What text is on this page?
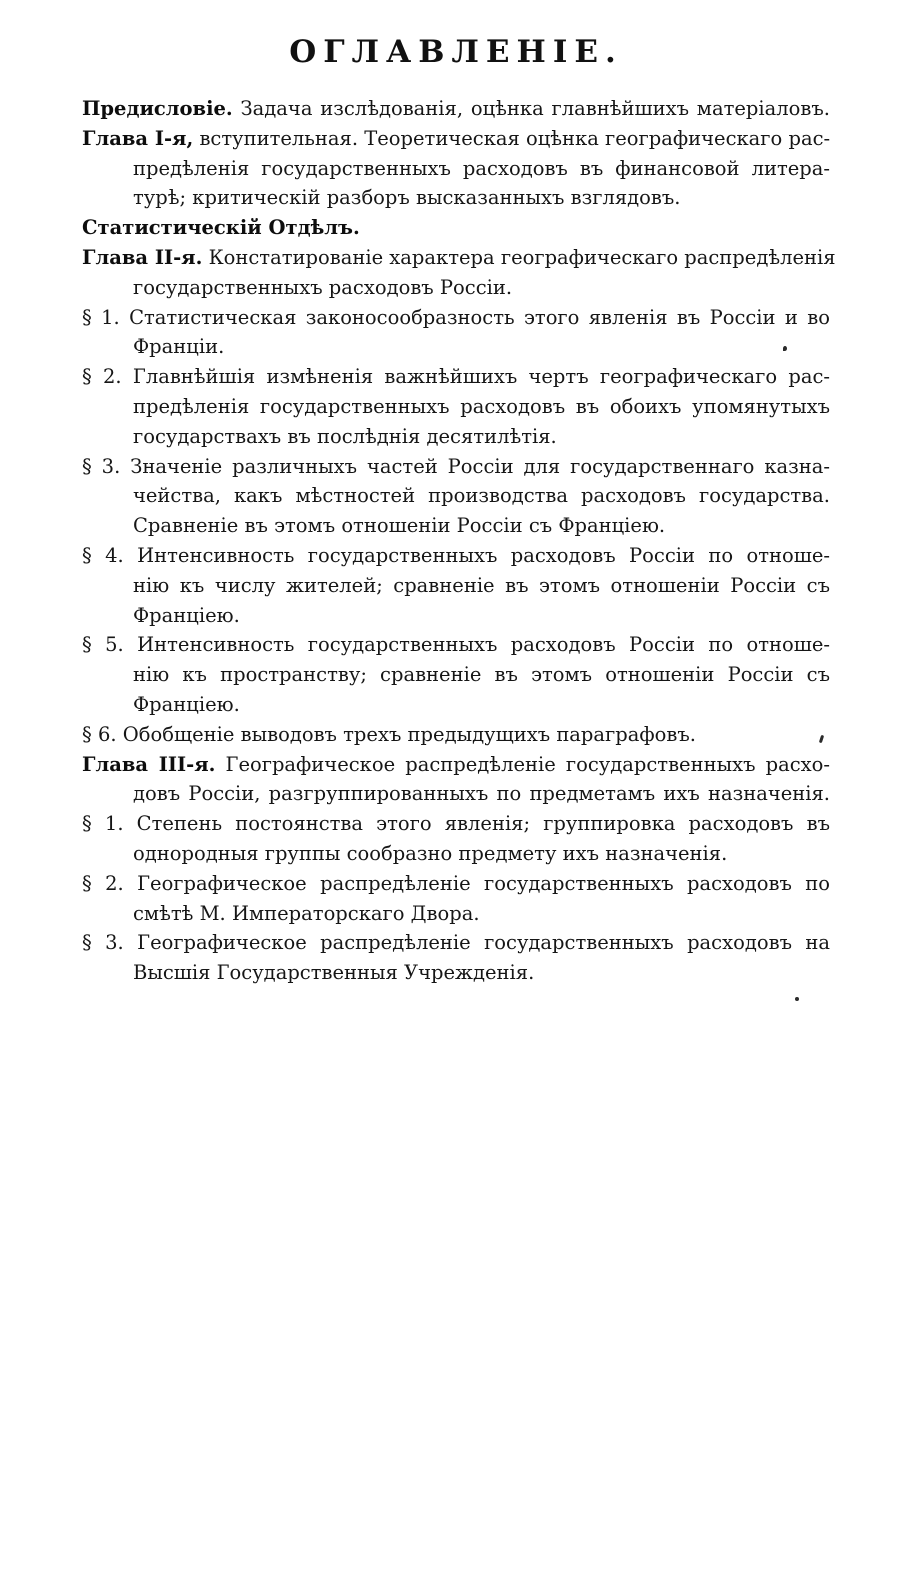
ОГЛАВЛЕНІЕ.
Предисловіе. Задача изслѣдованія, оцѣнка главнѣйшихъ матеріаловъ.
Глава I-я, вступительная. Теоретическая оцѣнка географическаго рас-
предѣленія государственныхъ расходовъ въ финансовой литера-
турѣ; критическій разборъ высказанныхъ взглядовъ.
Статистическій Отдѣлъ.
Глава II-я. Констатированіе характера географическаго распредѣленія
государственныхъ расходовъ Россіи.
§ 1. Статистическая законосообразность этого явленія въ Россіи и во
Франціи.
§ 2. Главнѣйшія измѣненія важнѣйшихъ чертъ географическаго рас-
предѣленія государственныхъ расходовъ въ обоихъ упомянутыхъ
государствахъ въ послѣднія десятилѣтія.
§ 3. Значеніе различныхъ частей Россіи для государственнаго казна-
чейства, какъ мѣстностей производства расходовъ государства.
Сравненіе въ этомъ отношеніи Россіи съ Франціею.
§ 4. Интенсивность государственныхъ расходовъ Россіи по отноше-
нію къ числу жителей; сравненіе въ этомъ отношеніи Россіи съ
Франціею.
§ 5. Интенсивность государственныхъ расходовъ Россіи по отноше-
нію къ пространству; сравненіе въ этомъ отношеніи Россіи съ
Франціею.
§ 6. Обобщеніе выводовъ трехъ предыдущихъ параграфовъ.
Глава III-я. Географическое распредѣленіе государственныхъ расхо-
довъ Россіи, разгруппированныхъ по предметамъ ихъ назначенія.
§ 1. Степень постоянства этого явленія; группировка расходовъ въ
однородныя группы сообразно предмету ихъ назначенія.
§ 2. Географическое распредѣленіе государственныхъ расходовъ по
смѣтѣ М. Императорскаго Двора.
§ 3. Географическое распредѣленіе государственныхъ расходовъ на
Высшія Государственныя Учрежденія.
